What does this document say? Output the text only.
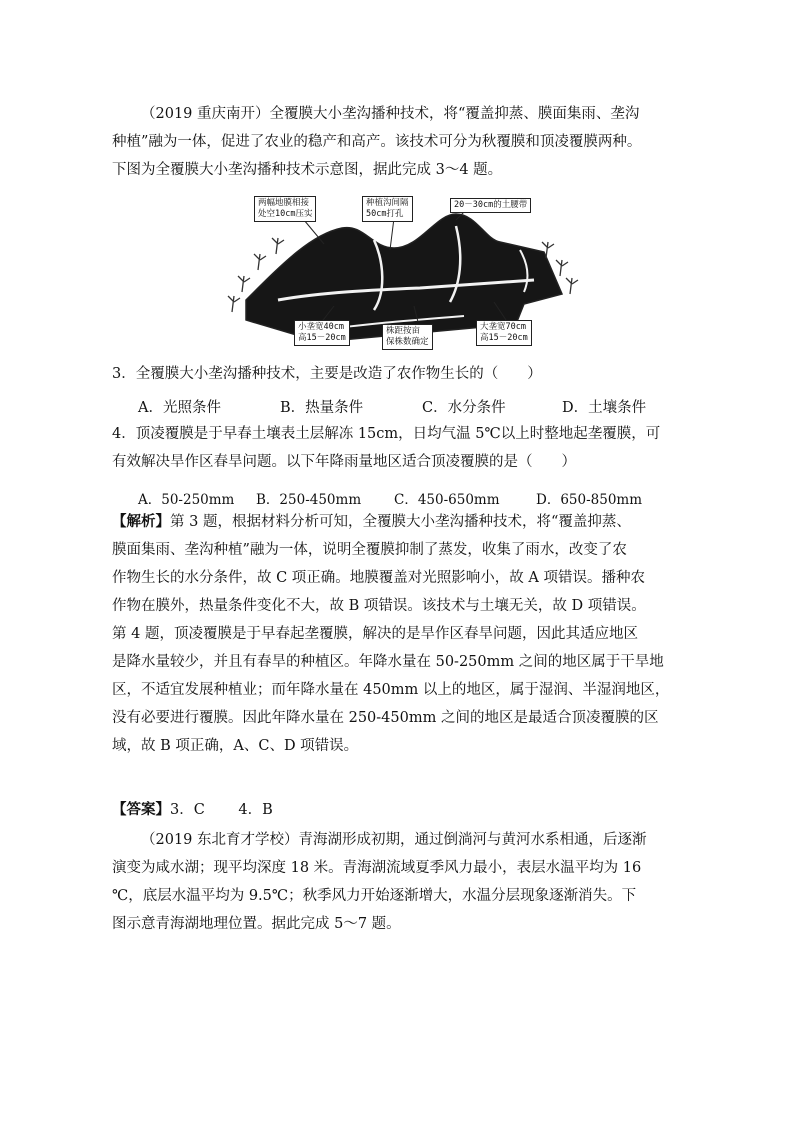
（2019 重庆南开）全覆膜大小垄沟播种技术，将“覆盖抑蒸、膜面集雨、垄沟
种植”融为一体，促进了农业的稳产和高产。该技术可分为秋覆膜和顶凌覆膜两种。
下图为全覆膜大小垄沟播种技术示意图，据此完成 3～4 题。
两幅地膜相接
处空10cm压实
种植沟间隔
50cm打孔
20－30cm的土腰带
小垄宽40cm
高15－20cm
株距按亩
保株数确定
大垄宽70cm
高15－20cm
3．全覆膜大小垄沟播种技术，主要是改造了农作物生长的（　　）
A．光照条件	B．热量条件	C．水分条件	D．土壤条件
4．顶凌覆膜是于早春土壤表土层解冻 15cm，日均气温 5℃以上时整地起垄覆膜，可
有效解决旱作区春旱问题。以下年降雨量地区适合顶凌覆膜的是（　　）
A．50-250mm B．250-450mm C．450-650mm	D．650-850mm
【解析】第 3 题，根据材料分析可知，全覆膜大小垄沟播种技术，将“覆盖抑蒸、
膜面集雨、垄沟种植”融为一体，说明全覆膜抑制了蒸发，收集了雨水，改变了农
作物生长的水分条件，故 C 项正确。地膜覆盖对光照影响小，故 A 项错误。播种农
作物在膜外，热量条件变化不大，故 B 项错误。该技术与土壤无关，故 D 项错误。
第 4 题，顶凌覆膜是于早春起垄覆膜，解决的是旱作区春旱问题，因此其适应地区
是降水量较少，并且有春旱的种植区。年降水量在 50-250mm 之间的地区属于干旱地
区，不适宜发展种植业；而年降水量在 450mm 以上的地区，属于湿润、半湿润地区，
没有必要进行覆膜。因此年降水量在 250-450mm 之间的地区是最适合顶凌覆膜的区
域，故 B 项正确，A、C、D 项错误。
【答案】3．C　　 4．B
（2019 东北育才学校）青海湖形成初期，通过倒淌河与黄河水系相通，后逐渐
演变为咸水湖；现平均深度 18 米。青海湖流域夏季风力最小，表层水温平均为 16
℃，底层水温平均为 9.5℃；秋季风力开始逐渐增大，水温分层现象逐渐消失。下
图示意青海湖地理位置。据此完成 5～7 题。
